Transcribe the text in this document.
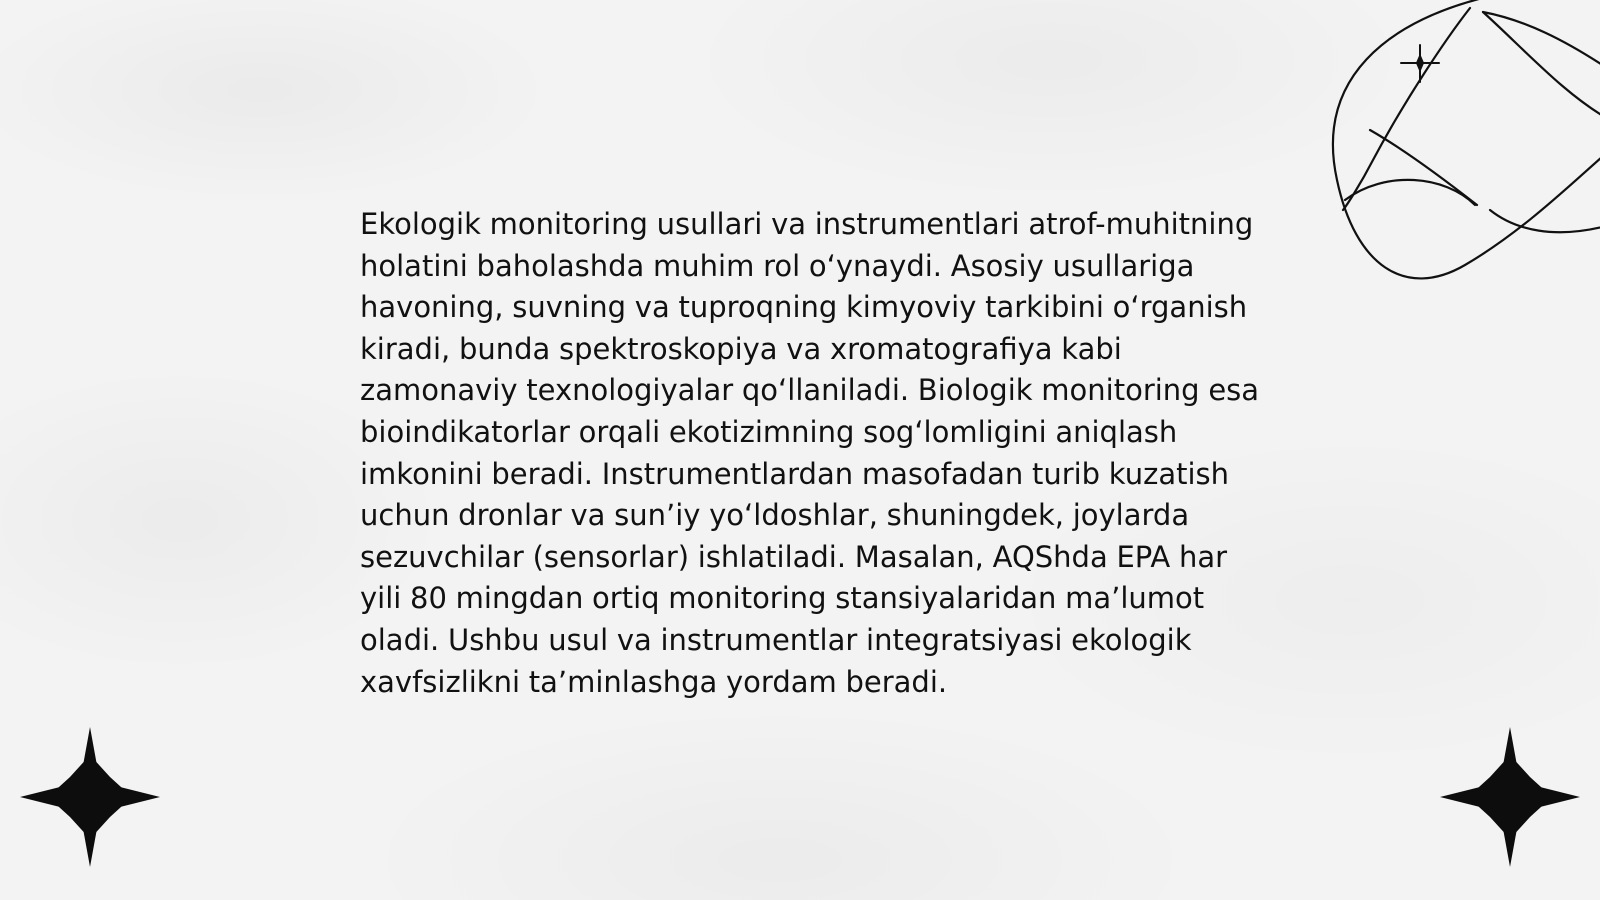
Ekologik monitoring usullari va instrumentlari atrof-muhitning holatini baholashda muhim rol oʻynaydi. Asosiy usullariga havoning, suvning va tuproqning kimyoviy tarkibini oʻrganish kiradi, bunda spektroskopiya va xromatografiya kabi zamonaviy texnologiyalar qoʻllaniladi. Biologik monitoring esa bioindikatorlar orqali ekotizimning sogʻlomligini aniqlash imkonini beradi. Instrumentlardan masofadan turib kuzatish uchun dronlar va sunʼiy yoʻldoshlar, shuningdek, joylarda sezuvchilar (sensorlar) ishlatiladi. Masalan, AQShda EPA har yili 80 mingdan ortiq monitoring stansiyalaridan maʼlumot oladi. Ushbu usul va instrumentlar integratsiyasi ekologik xavfsizlikni taʼminlashga yordam beradi.
